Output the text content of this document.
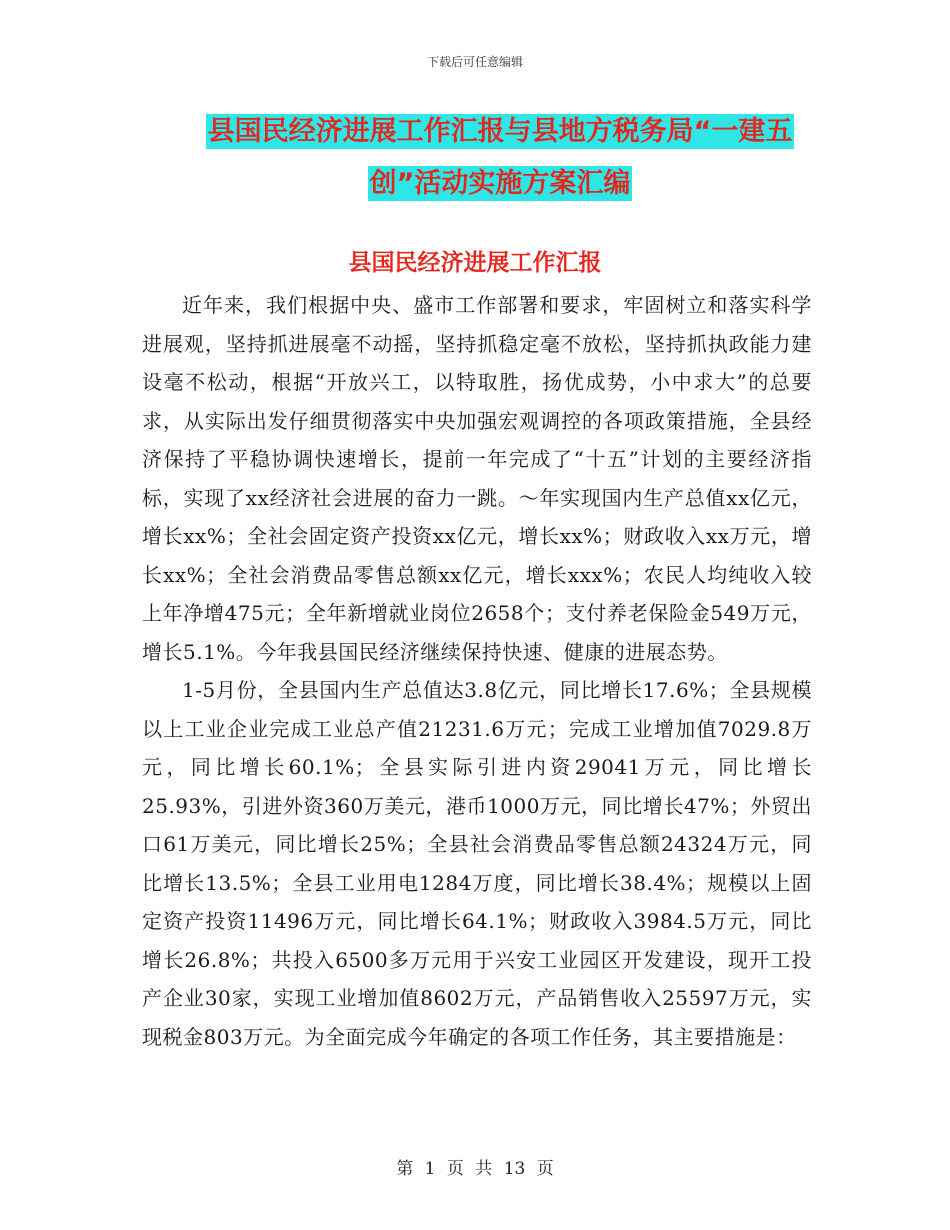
下载后可任意编辑
县国民经济进展工作汇报与县地方税务局“一建五
创”活动实施方案汇编
县国民经济进展工作汇报

近年来，我们根据中央、盛市工作部署和要求，牢固树立和落实科学进展观，坚持抓进展毫不动摇，坚持抓稳定毫不放松，坚持抓执政能力建设毫不松动，根据“开放兴工，以特取胜，扬优成势，小中求大”的总要求，从实际出发仔细贯彻落实中央加强宏观调控的各项政策措施，全县经济保持了平稳协调快速增长，提前一年完成了“十五”计划的主要经济指标，实现了xx经济社会进展的奋力一跳。～年实现国内生产总值xx亿元，增长xx%；全社会固定资产投资xx亿元，增长xx%；财政收入xx万元，增长xx%；全社会消费品零售总额xx亿元，增长xxx%；农民人均纯收入较上年净增475元；全年新增就业岗位2658个；支付养老保险金549万元，增长5.1%。今年我县国民经济继续保持快速、健康的进展态势。

1-5月份，全县国内生产总值达3.8亿元，同比增长17.6%；全县规模以上工业企业完成工业总产值21231.6万元；完成工业增加值7029.8万元，同比增长60.1%；全县实际引进内资29041万元，同比增长25.93%，引进外资360万美元，港币1000万元，同比增长47%；外贸出口61万美元，同比增长25%；全县社会消费品零售总额24324万元，同比增长13.5%；全县工业用电1284万度，同比增长38.4%；规模以上固定资产投资11496万元，同比增长64.1%；财政收入3984.5万元，同比增长26.8%；共投入6500多万元用于兴安工业园区开发建设，现开工投产企业30家，实现工业增加值8602万元，产品销售收入25597万元，实现税金803万元。为全面完成今年确定的各项工作任务，其主要措施是：

第 1 页 共 13 页
